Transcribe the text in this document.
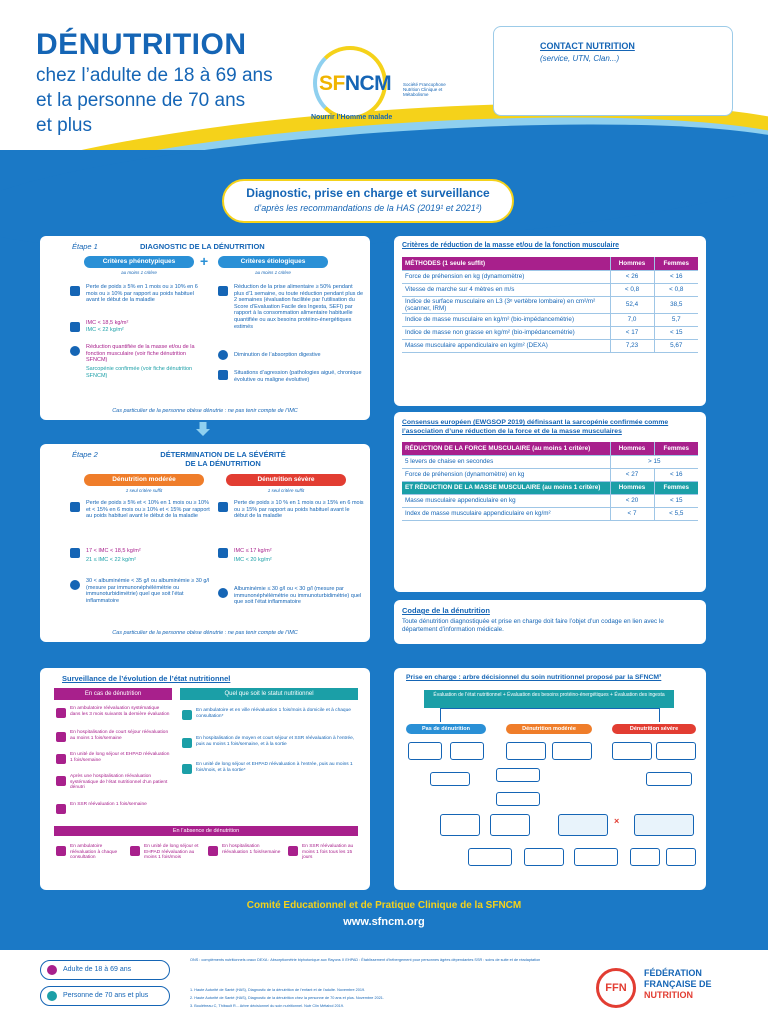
DÉNUTRITION
chez l’adulte de 18 à 69 ans
et la personne de 70 ans
et plus
SFNCM	Société Francophone Nutrition Clinique et Métabolisme
Nourrir l’Homme malade
CONTACT NUTRITION
(service, UTN, Clan...)
Diagnostic, prise en charge et surveillance
d’après les recommandations de la HAS (2019¹ et 2021²)
Étape 1	DIAGNOSTIC DE LA DÉNUTRITION
Critères phénotypiques	+	Critères étiologiques
au moins 1 critère	au moins 1 critère
Perte de poids ≥ 5% en 1 mois ou ≥ 10% en 6 mois ou ≥ 10% par rapport au poids habituel avant le début de la maladie
IMC < 18,5 kg/m²
IMC < 22 kg/m²
Réduction quantifiée de la masse et/ou de la fonction musculaire (voir fiche dénutrition SFNCM)
Sarcopénie confirmée (voir fiche dénutrition SFNCM)
Réduction de la prise alimentaire ≥ 50% pendant plus d’1 semaine, ou toute réduction pendant plus de 2 semaines (évaluation facilitée par l’utilisation du Score d’Evaluation Facile des Ingesta, SEFI) par rapport à la consommation alimentaire habituelle quantifiée ou aux besoins protéino-énergétiques estimés
Diminution de l’absorption digestive
Situations d’agression (pathologies aiguë, chronique évolutive ou maligne évolutive)
Cas particulier de la personne obèse dénutrie : ne pas tenir compte de l’IMC
Étape 2	DÉTERMINATION DE LA SÉVÉRITÉ DE LA DÉNUTRITION
Dénutrition modérée	Dénutrition sévère
1 seul critère suffit	1 seul critère suffit
Perte de poids ≥ 5% et < 10% en 1 mois ou ≥ 10% et < 15% en 6 mois ou ≥ 10% et < 15% par rapport au poids habituel avant le début de la maladie
17 < IMC < 18,5 kg/m²
21 ≤ IMC < 22 kg/m²
30 < albuminémie < 35 g/l ou albuminémie ≥ 30 g/l (mesure par immunonéphélémétrie ou immunoturbidimétrie) quel que soit l’état inflammatoire
Perte de poids ≥ 10 % en 1 mois ou ≥ 15% en 6 mois ou ≥ 15% par rapport au poids habituel avant le début de la maladie
IMC ≤ 17 kg/m²
IMC < 20 kg/m²
Albuminémie ≤ 30 g/l ou < 30 g/l (mesure par immunonéphélémétrie ou immunoturbidimétrie) quel que soit l’état inflammatoire
Cas particulier de la personne obèse dénutrie : ne pas tenir compte de l’IMC
Critères de réduction de la masse et/ou de la fonction musculaire
MÉTHODES (1 seule suffit)	Hommes	Femmes
Force de préhension en kg (dynamomètre)	< 26	< 16
Vitesse de marche sur 4 mètres en m/s	< 0,8	< 0,8
Indice de surface musculaire en L3 (3ᵉ vertèbre lombaire) en cm²/m² (scanner, IRM)	52,4	38,5
Indice de masse musculaire en kg/m² (bio-impédancemétrie)	7,0	5,7
Indice de masse non grasse en kg/m² (bio-impédancemétrie)	< 17	< 15
Masse musculaire appendiculaire en kg/m² (DEXA)	7,23	5,67
Consensus européen (EWGSOP 2019) définissant la sarcopénie confirmée comme l’association d’une réduction de la force et de la masse musculaires
RÉDUCTION DE LA FORCE MUSCULAIRE (au moins 1 critère)	Hommes	Femmes
5 levers de chaise en secondes	> 15	
Force de préhension (dynamomètre) en kg	< 27	< 16
ET RÉDUCTION DE LA MASSE MUSCULAIRE (au moins 1 critère)	Hommes	Femmes
Masse musculaire appendiculaire en kg	< 20	< 15
Index de masse musculaire appendiculaire en kg/m²	< 7	< 5,5
Codage de la dénutrition
Toute dénutrition diagnostiquée et prise en charge doit faire l’objet d’un codage en lien avec le département d’information médicale.
Surveillance de l’évolution de l’état nutritionnel
En cas de dénutrition	Quel que soit le statut nutritionnel
En ambulatoire réévaluation systématique dans les 3 mois suivants la dernière évaluation
En hospitalisation de court séjour réévaluation au moins 1 fois/semaine
En unité de long séjour et EHPAD réévaluation 1 fois/semaine
Après une hospitalisation réévaluation systématique de l’état nutritionnel d’un patient dénutri
En SSR réévaluation 1 fois/semaine
En ambulatoire et en ville réévaluation 1 fois/mois à domicile et à chaque consultation*
En hospitalisation de moyen et court séjour et SSR réévaluation à l’entrée, puis au moins 1 fois/semaine, et à la sortie
En unité de long séjour et EHPAD réévaluation à l’entrée, puis au moins 1 fois/mois, et à la sortie*
En l’absence de dénutrition
En ambulatoire réévaluation à chaque consultation
En unité de long séjour et EHPAD réévaluation au moins 1 fois/mois
En hospitalisation réévaluation 1 fois/semaine
En SSR réévaluation au moins 1 fois tous les 15 jours
Prise en charge : arbre décisionnel du soin nutritionnel proposé par la SFNCM³
Évaluation de l’état nutritionnel + Évaluation des besoins protéino-énergétiques + Évaluation des ingesta
Pas de dénutrition	Dénutrition modérée	Dénutrition sévère
×
Comité Educationnel et de Pratique Clinique de la SFNCM
www.sfncm.org
Adulte de 18 à 69 ans
Personne de 70 ans et plus
ONS : compléments nutritionnels oraux DEXA : Absorptiométrie biphotonique aux Rayons X EHPAD : Établissement d’hébergement pour personnes âgées dépendantes SSR : soins de suite et de réadaptation
1. Haute Autorité de Santé (HAS), Diagnostic de la dénutrition de l’enfant et de l’adulte. Novembre 2019.
2. Haute Autorité de Santé (HAS), Diagnostic de la dénutrition chez la personne de 70 ans et plus. Novembre 2021.
3. Boulétreau C, Thibault R... Arbre décisionnel du soin nutritionnel. Nutr Clin Métabol 2019.
FFN
FÉDÉRATION
FRANÇAISE DE
NUTRITION
